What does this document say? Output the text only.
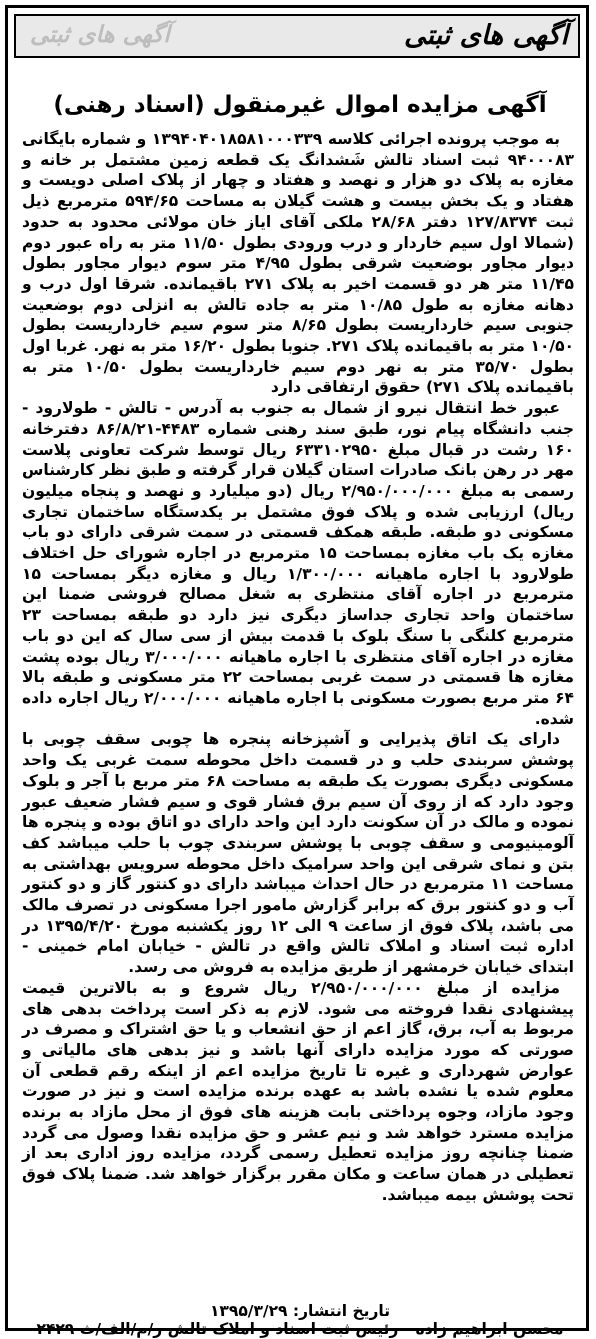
آگهی های ثبتی
آگهی های ثبتی
آگهی مزایده اموال غیرمنقول (اسناد رهنی)

به موجب پرونده اجرائی کلاسه ۱۳۹۴۰۴۰۱۸۵۸۱۰۰۰۳۳۹ و شماره بایگانی ۹۴۰۰۰۸۳ ثبت اسناد تالش شَشدانگ یک قطعه زمین مشتمل بر خانه و مغازه به پلاک دو هزار و نهصد و هفتاد و چهار از پلاک اصلی دویست و هفتاد و یک بخش بیست و هشت گیلان به مساحت ۵۹۴/۶۵ مترمربع ذیل ثبت ۱۲۷/۸۳۷۴ دفتر ۲۸/۶۸ ملکی آقای ایاز خان مولائی محدود به حدود (شمالا اول سیم خاردار و درب ورودی بطول ۱۱/۵۰ متر به راه عبور دوم دیوار مجاور بوضعیت شرقی بطول ۴/۹۵ متر سوم دیوار مجاور بطول ۱۱/۴۵ متر هر دو قسمت اخیر به پلاک ۲۷۱ باقیمانده. شرقا اول درب و دهانه مغازه به طول ۱۰/۸۵ متر به جاده تالش به انزلی دوم بوضعیت جنوبی سیم خارداریست بطول ۸/۶۵ متر سوم سیم خارداریست بطول ۱۰/۵۰ متر به باقیمانده پلاک ۲۷۱. جنوبا بطول ۱۶/۲۰ متر به نهر. غربا اول بطول ۳۵/۷۰ متر به نهر دوم سیم خارداریست بطول ۱۰/۵۰ متر به باقیمانده پلاک ۲۷۱) حقوق ارتفاقی دارد

عبور خط انتقال نیرو از شمال به جنوب به آدرس - تالش - طولارود - جنب دانشگاه پیام نور، طبق سند رهنی شماره ۴۴۸۳-۸۶/۸/۲۱ دفترخانه ۱۶۰ رشت در قبال مبلغ ۶۳۳۱۰۲۹۵۰ ریال توسط شرکت تعاونی پلاست مهر در رهن بانک صادرات استان گیلان قرار گرفته و طبق نظر کارشناس رسمی به مبلغ ۲/۹۵۰/۰۰۰/۰۰۰ ریال (دو میلیارد و نهصد و پنجاه میلیون ریال) ارزیابی شده و پلاک فوق مشتمل بر یکدستگاه ساختمان تجاری مسکونی دو طبقه. طبقه همکف قسمتی در سمت شرقی دارای دو باب مغازه یک باب مغازه بمساحت ۱۵ مترمربع در اجاره شورای حل اختلاف طولارود با اجاره ماهیانه ۱/۳۰۰/۰۰۰ ریال و مغازه دیگر بمساحت ۱۵ مترمربع در اجاره آقای منتظری به شغل مصالح فروشی ضمنا این ساختمان واحد تجاری جداساز دیگری نیز دارد دو طبقه بمساحت ۲۳ مترمربع کلنگی با سنگ بلوک با قدمت بیش از سی سال که این دو باب مغازه در اجاره آقای منتظری با اجاره ماهیانه ۳/۰۰۰/۰۰۰ ریال بوده پشت مغازه ها قسمتی در سمت غربی بمساحت ۲۲ متر مسکونی و طبقه بالا ۶۴ متر مربع بصورت مسکونی با اجاره ماهیانه ۲/۰۰۰/۰۰۰ ریال اجاره داده شده.

دارای یک اتاق پذیرایی و آشپزخانه پنجره ها چوبی سقف چوبی با پوشش سربندی حلب و در قسمت داخل محوطه سمت غربی یک واحد مسکونی دیگری بصورت یک طبقه به مساحت ۶۸ متر مربع با آجر و بلوک وجود دارد که از روی آن سیم برق فشار قوی و سیم فشار ضعیف عبور نموده و مالک در آن سکونت دارد این واحد دارای دو اتاق بوده و پنجره ها آلومینیومی و سقف چوبی با پوشش سربندی چوب با حلب میباشد کف بتن و نمای شرقی این واحد سرامیک داخل محوطه سرویس بهداشتی به مساحت ۱۱ مترمربع در حال احداث میباشد دارای دو کنتور گاز و دو کنتور آب و دو کنتور برق که برابر گزارش مامور اجرا مسکونی در تصرف مالک می باشد، پلاک فوق از ساعت ۹ الی ۱۲ روز یکشنبه مورخ ۱۳۹۵/۴/۲۰ در اداره ثبت اسناد و املاک تالش واقع در تالش - خیابان امام خمینی - ابتدای خیابان خرمشهر از طریق مزایده به فروش می رسد.

مزایده از مبلغ ۲/۹۵۰/۰۰۰/۰۰۰ ریال شروع و به بالاترین قیمت پیشنهادی نقدا فروخته می شود. لازم به ذکر است پرداخت بدهی های مربوط به آب، برق، گاز اعم از حق انشعاب و یا حق اشتراک و مصرف در صورتی که مورد مزایده دارای آنها باشد و نیز بدهی های مالیاتی و عوارض شهرداری و غیره تا تاریخ مزایده اعم از اینکه رقم قطعی آن معلوم شده یا نشده باشد به عهده برنده مزایده است و نیز در صورت وجود مازاد، وجوه پرداختی بابت هزینه های فوق از محل مازاد به برنده مزایده مسترد خواهد شد و نیم عشر و حق مزایده نقدا وصول می گردد ضمنا چنانچه روز مزایده تعطیل رسمی گردد، مزایده روز اداری بعد از تعطیلی در همان ساعت و مکان مقرر برگزار خواهد شد. ضمنا پلاک فوق تحت پوشش بیمه میباشد.

تاریخ انتشار: ۱۳۹۵/۳/۲۹
محسن ابراهیم زاده - رئیس ثبت اسناد و املاک تالش ر/م/الف/ث ۲۴۲۹
